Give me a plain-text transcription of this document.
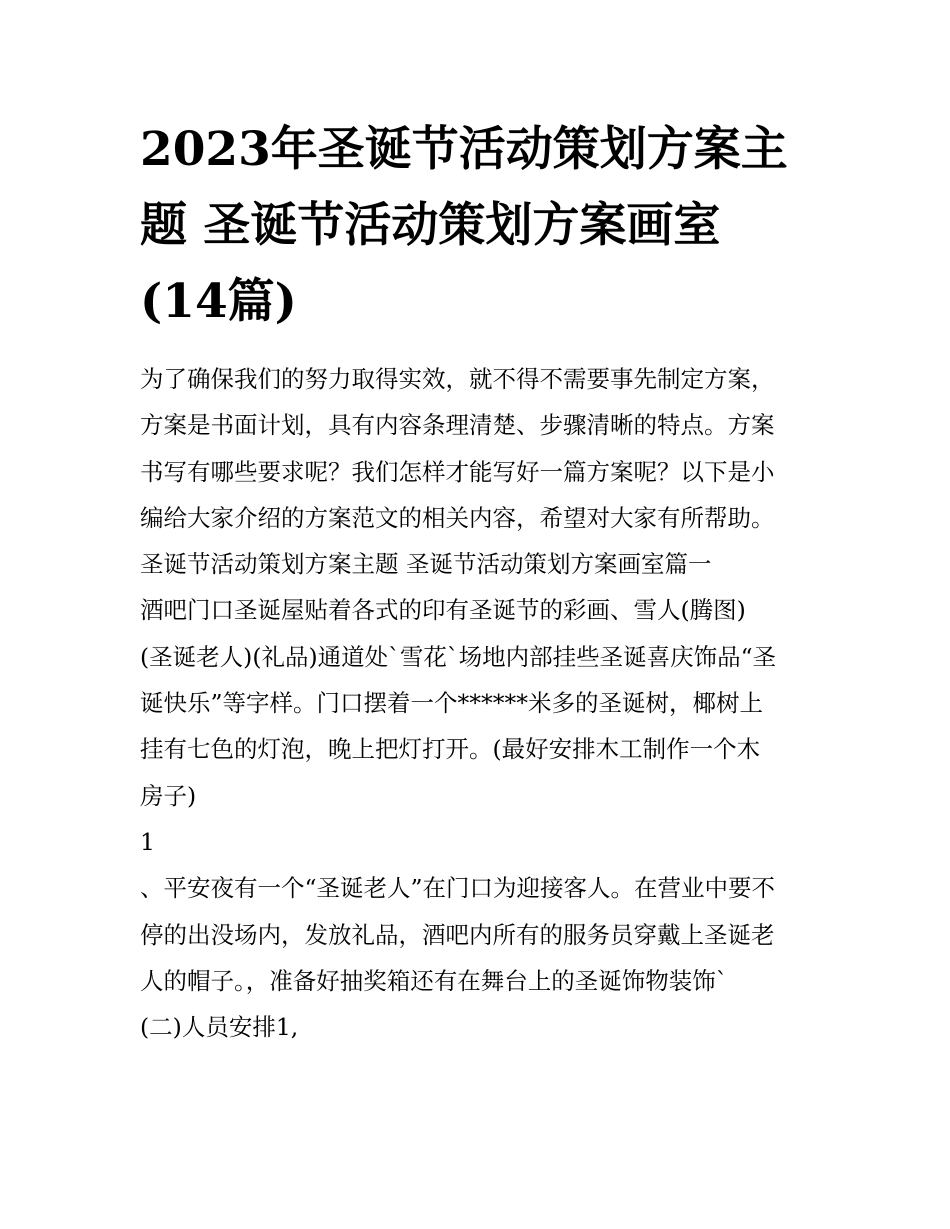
2023年圣诞节活动策划方案主
题 圣诞节活动策划方案画室
(14篇)
为了确保我们的努力取得实效，就不得不需要事先制定方案，
方案是书面计划，具有内容条理清楚、步骤清晰的特点。方案
书写有哪些要求呢？我们怎样才能写好一篇方案呢？以下是小
编给大家介绍的方案范文的相关内容，希望对大家有所帮助。
圣诞节活动策划方案主题 圣诞节活动策划方案画室篇一
酒吧门口圣诞屋贴着各式的印有圣诞节的彩画、雪人(腾图)
(圣诞老人)(礼品)通道处`雪花`场地内部挂些圣诞喜庆饰品“圣
诞快乐”等字样。门口摆着一个******米多的圣诞树，椰树上
挂有七色的灯泡，晚上把灯打开。(最好安排木工制作一个木
房子)
1
、平安夜有一个“圣诞老人”在门口为迎接客人。在营业中要不
停的出没场内，发放礼品，酒吧内所有的服务员穿戴上圣诞老
人的帽子。，准备好抽奖箱还有在舞台上的圣诞饰物装饰`
(二)人员安排1,
